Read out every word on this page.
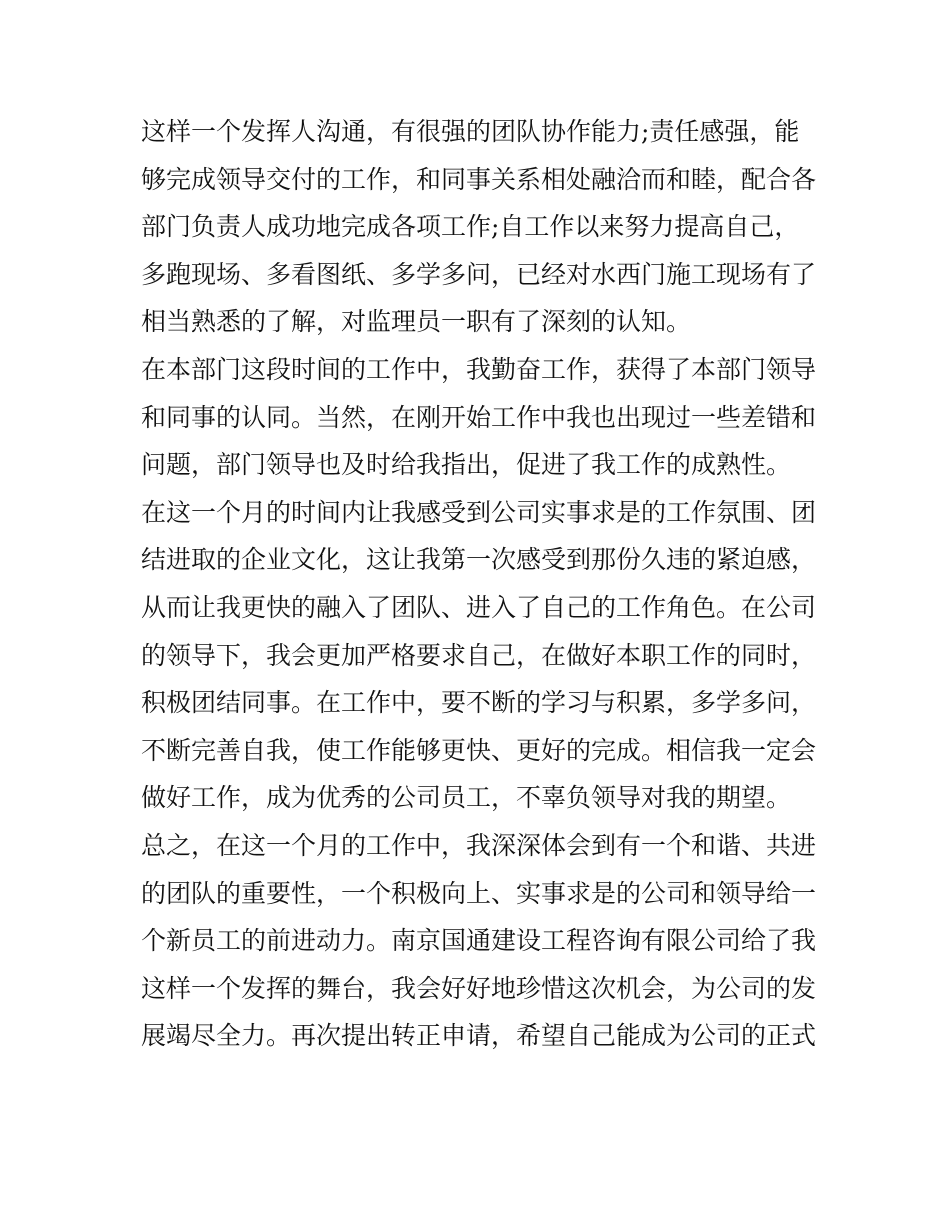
这样一个发挥人沟通，有很强的团队协作能力;责任感强，能
够完成领导交付的工作，和同事关系相处融洽而和睦，配合各
部门负责人成功地完成各项工作;自工作以来努力提高自己，
多跑现场、多看图纸、多学多问，已经对水西门施工现场有了
相当熟悉的了解，对监理员一职有了深刻的认知。
在本部门这段时间的工作中，我勤奋工作，获得了本部门领导
和同事的认同。当然，在刚开始工作中我也出现过一些差错和
问题，部门领导也及时给我指出，促进了我工作的成熟性。
在这一个月的时间内让我感受到公司实事求是的工作氛围、团
结进取的企业文化，这让我第一次感受到那份久违的紧迫感，
从而让我更快的融入了团队、进入了自己的工作角色。在公司
的领导下，我会更加严格要求自己，在做好本职工作的同时，
积极团结同事。在工作中，要不断的学习与积累，多学多问，
不断完善自我，使工作能够更快、更好的完成。相信我一定会
做好工作，成为优秀的公司员工，不辜负领导对我的期望。
总之，在这一个月的工作中，我深深体会到有一个和谐、共进
的团队的重要性，一个积极向上、实事求是的公司和领导给一
个新员工的前进动力。南京国通建设工程咨询有限公司给了我
这样一个发挥的舞台，我会好好地珍惜这次机会，为公司的发
展竭尽全力。再次提出转正申请，希望自己能成为公司的正式
